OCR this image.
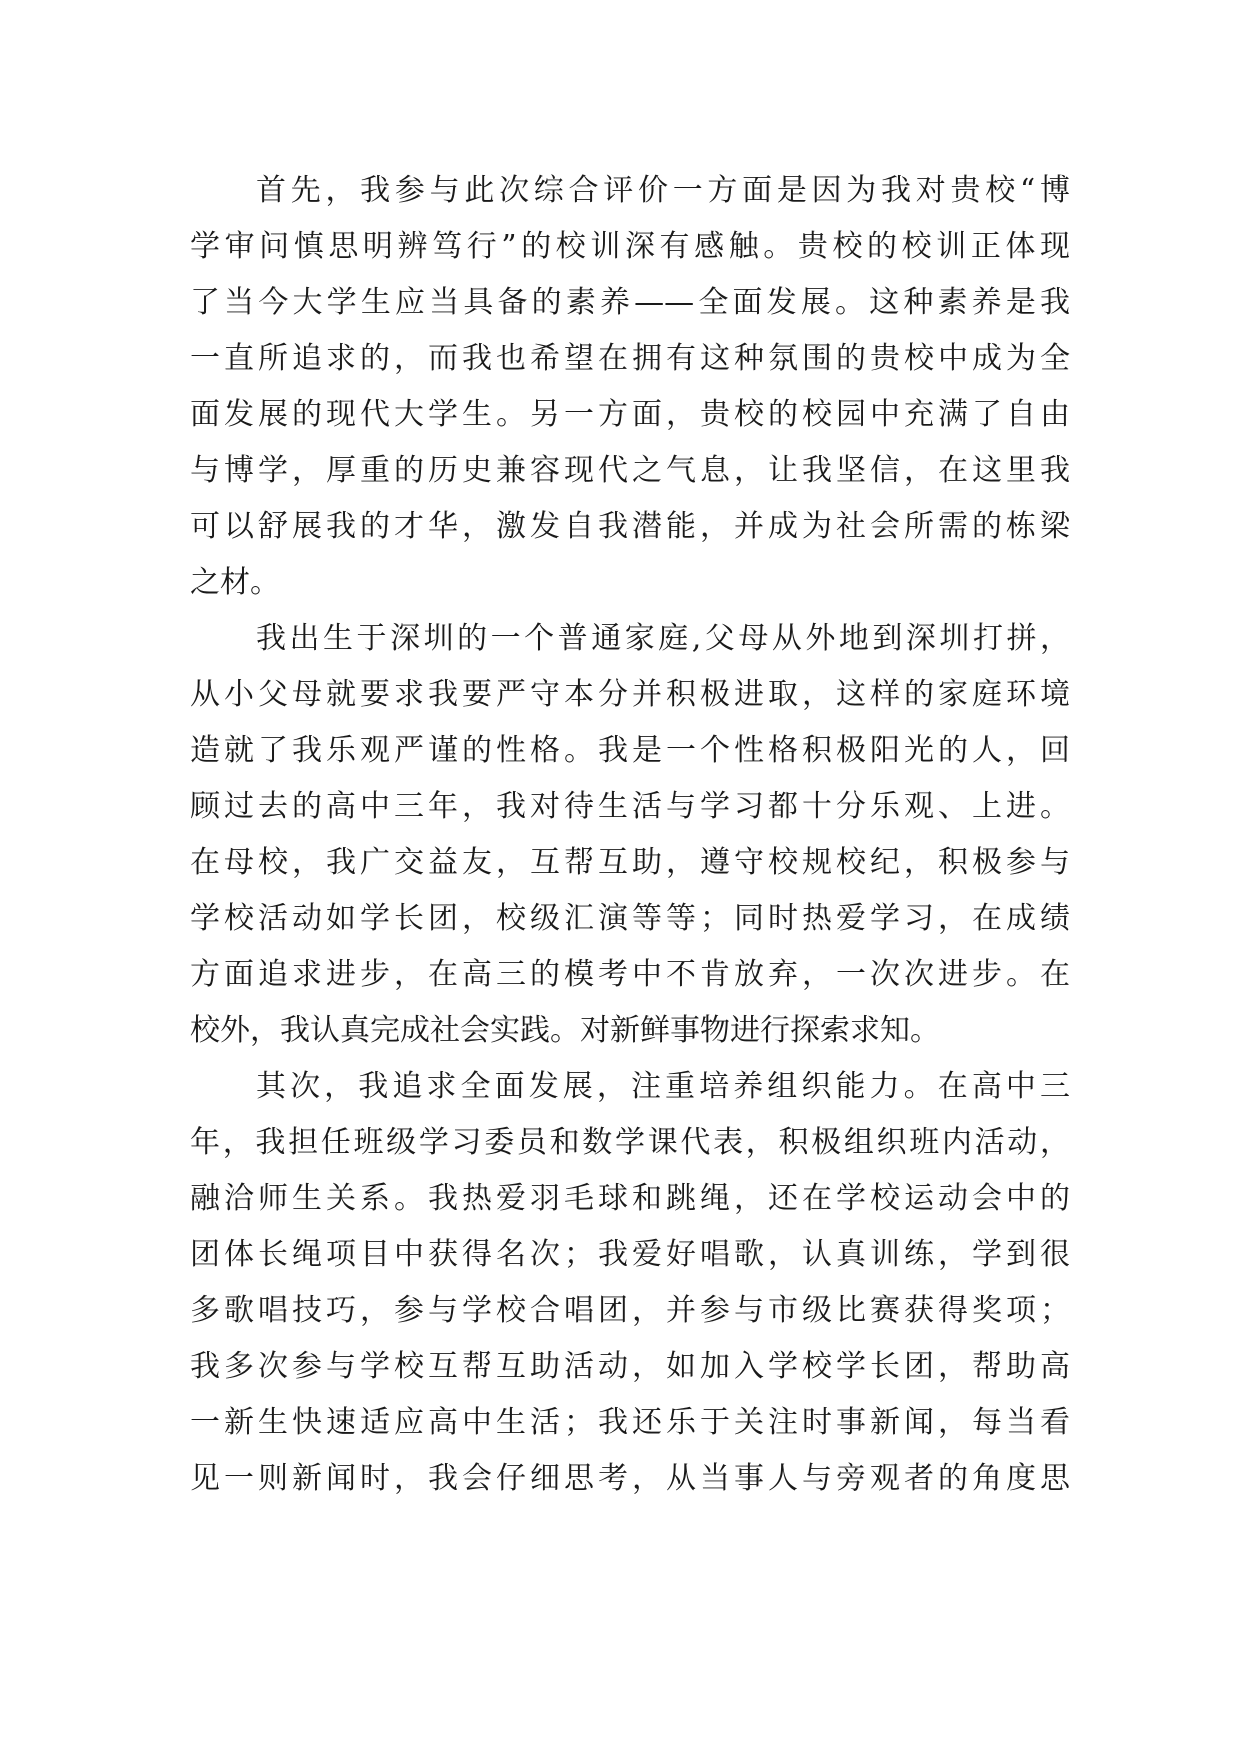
首先，我参与此次综合评价一方面是因为我对贵校“博
学审问慎思明辨笃行”的校训深有感触。贵校的校训正体现
了当今大学生应当具备的素养——全面发展。这种素养是我
一直所追求的，而我也希望在拥有这种氛围的贵校中成为全
面发展的现代大学生。另一方面，贵校的校园中充满了自由
与博学，厚重的历史兼容现代之气息，让我坚信，在这里我
可以舒展我的才华，激发自我潜能，并成为社会所需的栋梁
之材。
我出生于深圳的一个普通家庭,父母从外地到深圳打拼，
从小父母就要求我要严守本分并积极进取，这样的家庭环境
造就了我乐观严谨的性格。我是一个性格积极阳光的人，回
顾过去的高中三年，我对待生活与学习都十分乐观、上进。
在母校，我广交益友，互帮互助，遵守校规校纪，积极参与
学校活动如学长团，校级汇演等等；同时热爱学习，在成绩
方面追求进步，在高三的模考中不肯放弃，一次次进步。在
校外，我认真完成社会实践。对新鲜事物进行探索求知。
其次，我追求全面发展，注重培养组织能力。在高中三
年，我担任班级学习委员和数学课代表，积极组织班内活动，
融洽师生关系。我热爱羽毛球和跳绳，还在学校运动会中的
团体长绳项目中获得名次；我爱好唱歌，认真训练，学到很
多歌唱技巧，参与学校合唱团，并参与市级比赛获得奖项；
我多次参与学校互帮互助活动，如加入学校学长团，帮助高
一新生快速适应高中生活；我还乐于关注时事新闻，每当看
见一则新闻时，我会仔细思考，从当事人与旁观者的角度思
